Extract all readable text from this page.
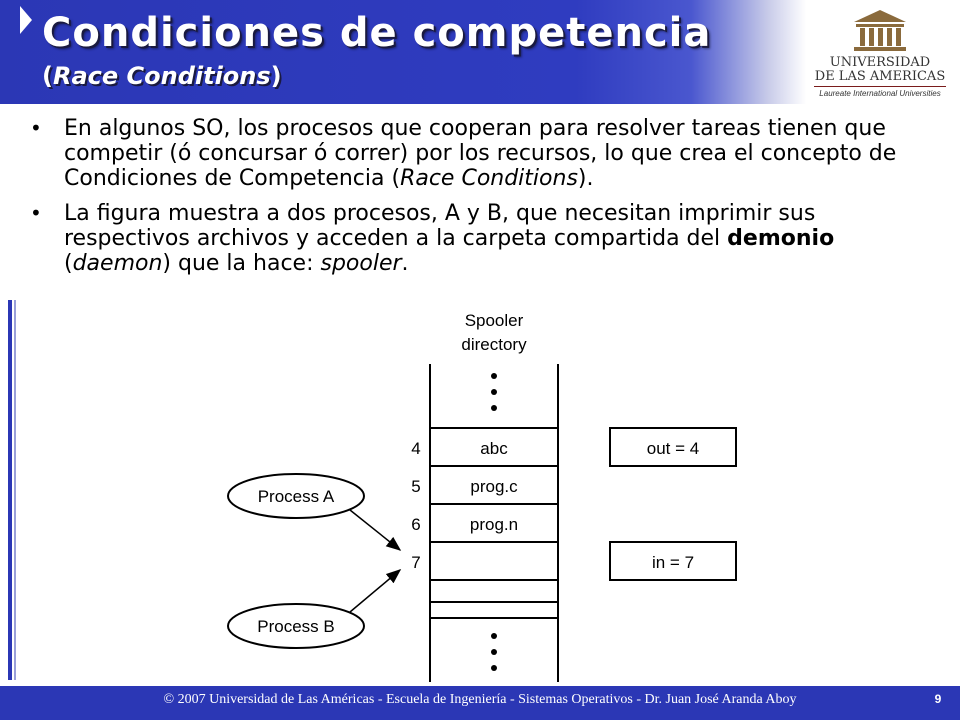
Condiciones de competencia
(Race Conditions)	UNIVERSIDAD
DE LAS AMERICAS
Laureate International Universities
• En algunos SO, los procesos que cooperan para resolver tareas tienen que competir (ó concursar ó correr) por los recursos, lo que crea el concepto de Condiciones de Competencia (Race Conditions).
• La figura muestra a dos procesos, A y B, que necesitan imprimir sus respectivos archivos y acceden a la carpeta compartida del demonio (daemon) que la hace: spooler.
Spooler
directory
4
5
6
7
abc
prog.c
prog.n
out = 4
in = 7
Process A
Process B
© 2007 Universidad de Las Américas - Escuela de Ingeniería - Sistemas Operativos - Dr. Juan José Aranda Aboy	9
